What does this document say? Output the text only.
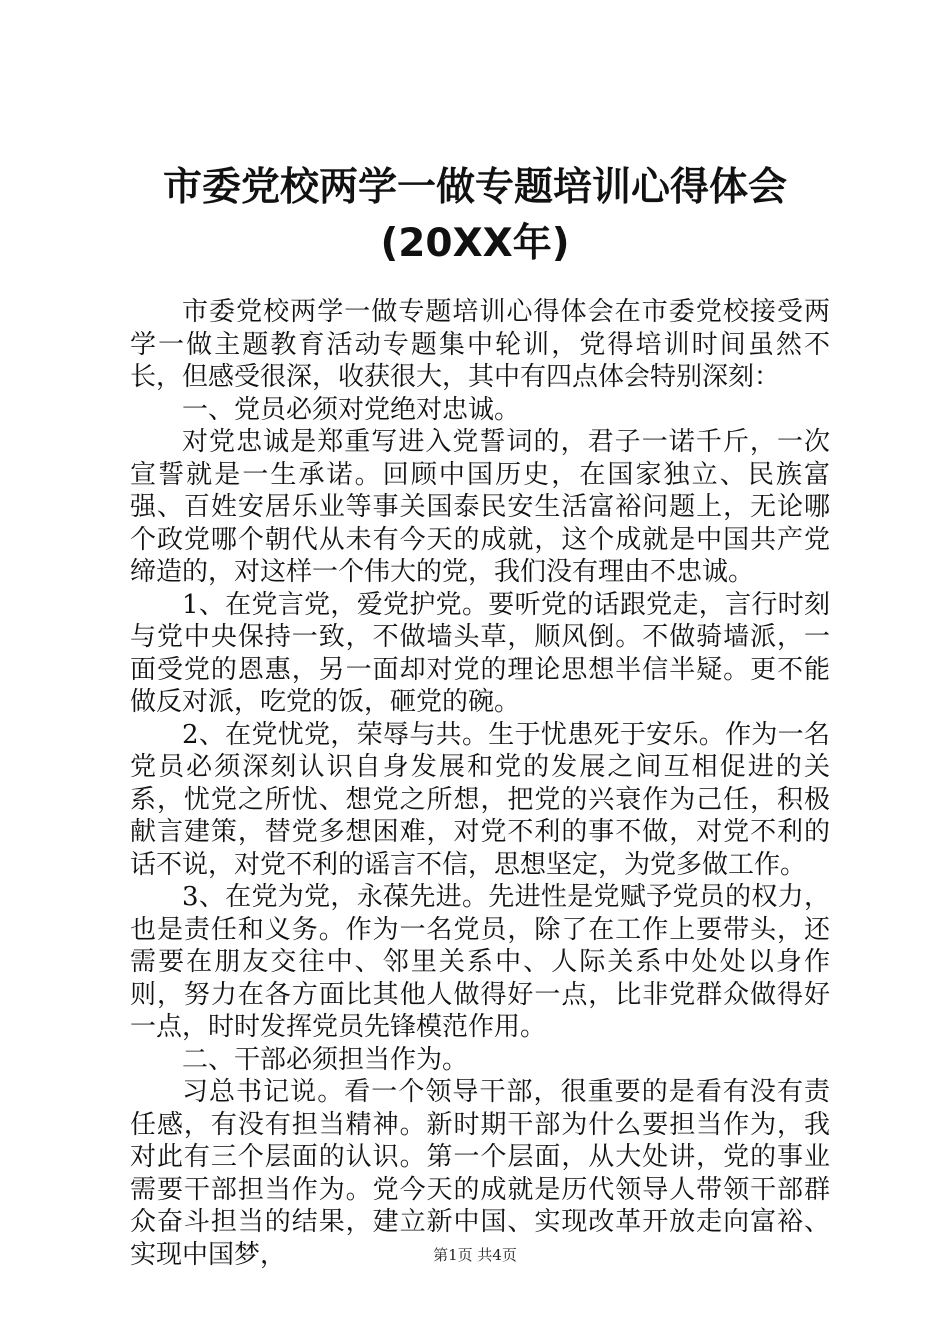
市委党校两学一做专题培训心得体会(20XX年)

市委党校两学一做专题培训心得体会在市委党校接受两学一做主题教育活动专题集中轮训，党得培训时间虽然不长，但感受很深，收获很大，其中有四点体会特别深刻：

一、党员必须对党绝对忠诚。

对党忠诚是郑重写进入党誓词的，君子一诺千斤，一次宣誓就是一生承诺。回顾中国历史，在国家独立、民族富强、百姓安居乐业等事关国泰民安生活富裕问题上，无论哪个政党哪个朝代从未有今天的成就，这个成就是中国共产党缔造的，对这样一个伟大的党，我们没有理由不忠诚。

1、在党言党，爱党护党。要听党的话跟党走，言行时刻与党中央保持一致，不做墙头草，顺风倒。不做骑墙派，一面受党的恩惠，另一面却对党的理论思想半信半疑。更不能做反对派，吃党的饭，砸党的碗。

2、在党忧党，荣辱与共。生于忧患死于安乐。作为一名党员必须深刻认识自身发展和党的发展之间互相促进的关系，忧党之所忧、想党之所想，把党的兴衰作为己任，积极献言建策，替党多想困难，对党不利的事不做，对党不利的话不说，对党不利的谣言不信，思想坚定，为党多做工作。

3、在党为党，永葆先进。先进性是党赋予党员的权力，也是责任和义务。作为一名党员，除了在工作上要带头，还需要在朋友交往中、邻里关系中、人际关系中处处以身作则，努力在各方面比其他人做得好一点，比非党群众做得好一点，时时发挥党员先锋模范作用。

二、干部必须担当作为。

习总书记说。看一个领导干部，很重要的是看有没有责任感，有没有担当精神。新时期干部为什么要担当作为，我对此有三个层面的认识。第一个层面，从大处讲，党的事业需要干部担当作为。党今天的成就是历代领导人带领干部群众奋斗担当的结果，建立新中国、实现改革开放走向富裕、实现中国梦，	第1页 共4页
